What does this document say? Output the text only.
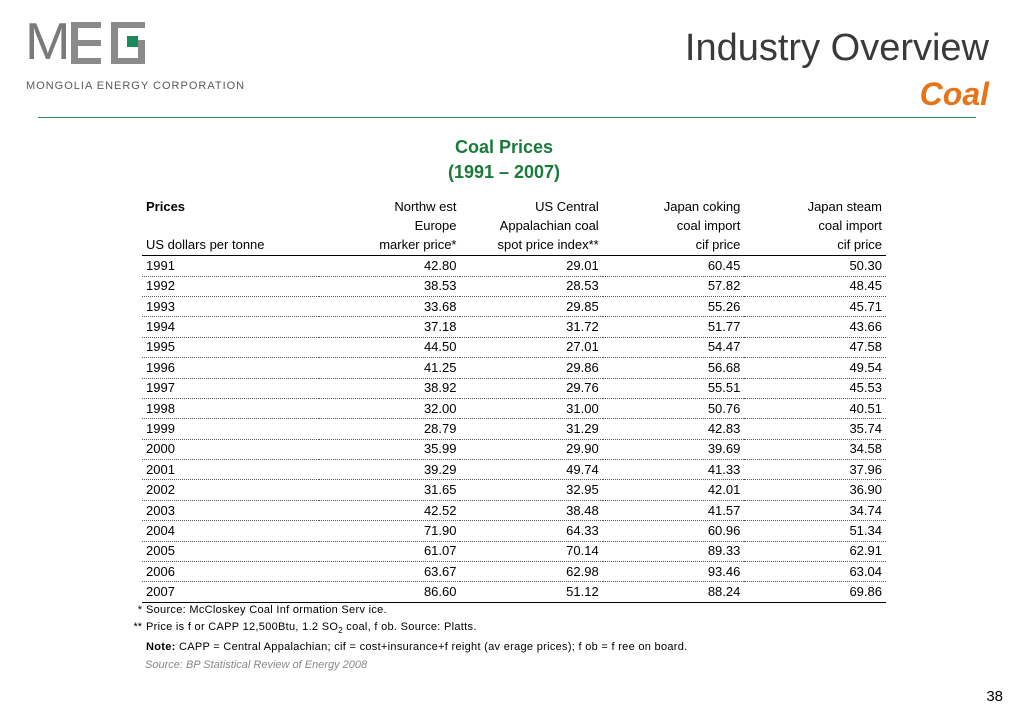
M
MONGOLIA ENERGY CORPORATION
Industry Overview
Coal
Coal Prices
(1991 – 2007)
Prices	Northw est	US Central	Japan coking	Japan steam
	Europe	Appalachian coal	coal import	coal import
US dollars per tonne	marker price*	spot price index**	cif price	cif price
1991	42.80	29.01	60.45	50.30
1992	38.53	28.53	57.82	48.45
1993	33.68	29.85	55.26	45.71
1994	37.18	31.72	51.77	43.66
1995	44.50	27.01	54.47	47.58
1996	41.25	29.86	56.68	49.54
1997	38.92	29.76	55.51	45.53
1998	32.00	31.00	50.76	40.51
1999	28.79	31.29	42.83	35.74
2000	35.99	29.90	39.69	34.58
2001	39.29	49.74	41.33	37.96
2002	31.65	32.95	42.01	36.90
2003	42.52	38.48	41.57	34.74
2004	71.90	64.33	60.96	51.34
2005	61.07	70.14	89.33	62.91
2006	63.67	62.98	93.46	63.04
2007	86.60	51.12	88.24	69.86
* Source: McCloskey Coal Inf ormation Serv ice.
** Price is f or CAPP 12,500Btu, 1.2 $SO_2$ coal, f ob. Source: Platts.
Note: CAPP = Central Appalachian; cif = cost+insurance+f reight (av erage prices); f ob = f ree on board.
Source: BP Statistical Review of Energy 2008
38
